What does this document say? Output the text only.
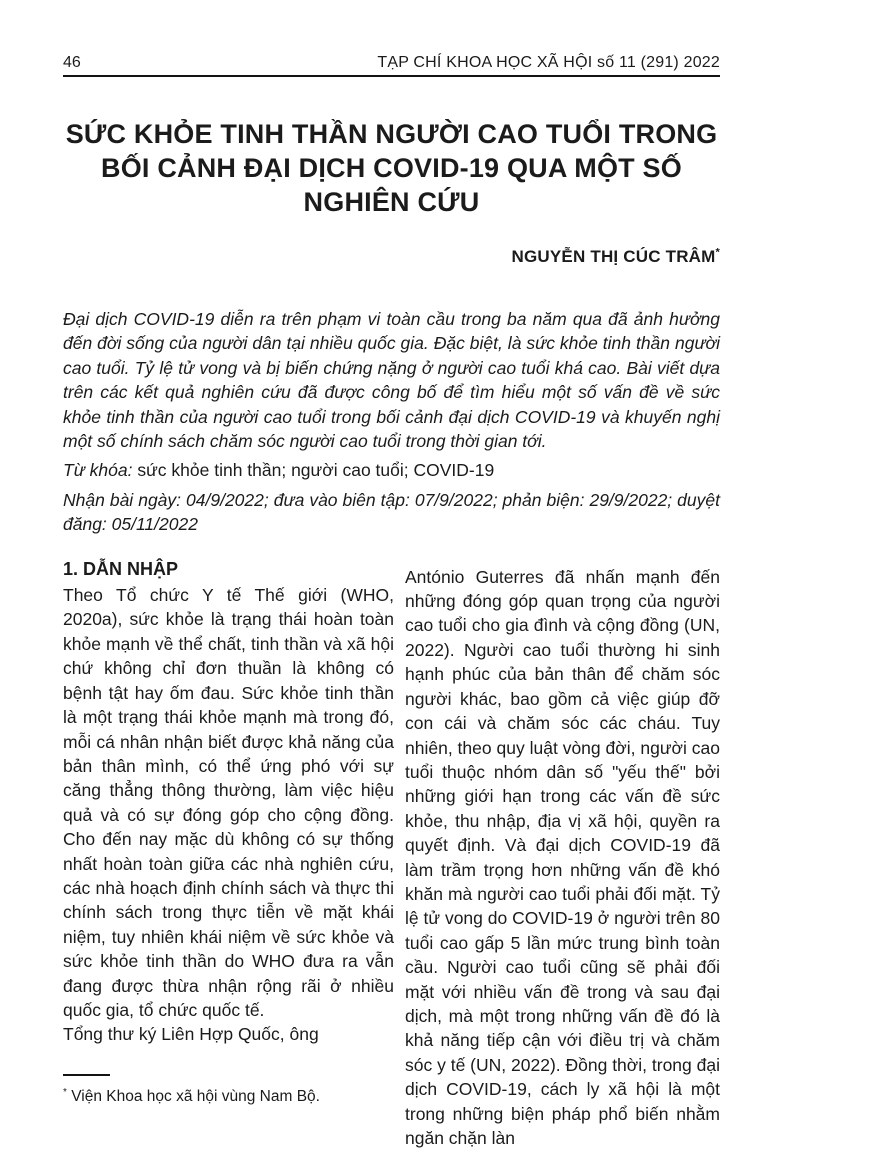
46	TẠP CHÍ KHOA HỌC XÃ HỘI số 11 (291) 2022
SỨC KHỎE TINH THẦN NGƯỜI CAO TUỔI TRONG BỐI CẢNH ĐẠI DỊCH COVID-19 QUA MỘT SỐ NGHIÊN CỨU
NGUYỄN THỊ CÚC TRÂM*

Đại dịch COVID-19 diễn ra trên phạm vi toàn cầu trong ba năm qua đã ảnh hưởng đến đời sống của người dân tại nhiều quốc gia. Đặc biệt, là sức khỏe tinh thần người cao tuổi. Tỷ lệ tử vong và bị biến chứng nặng ở người cao tuổi khá cao. Bài viết dựa trên các kết quả nghiên cứu đã được công bố để tìm hiểu một số vấn đề về sức khỏe tinh thần của người cao tuổi trong bối cảnh đại dịch COVID-19 và khuyến nghị một số chính sách chăm sóc người cao tuổi trong thời gian tới.

Từ khóa: sức khỏe tinh thần; người cao tuổi; COVID-19

Nhận bài ngày: 04/9/2022; đưa vào biên tập: 07/9/2022; phản biện: 29/9/2022; duyệt đăng: 05/11/2022

1. DẪN NHẬP

Theo Tổ chức Y tế Thế giới (WHO, 2020a), sức khỏe là trạng thái hoàn toàn khỏe mạnh về thể chất, tinh thần và xã hội chứ không chỉ đơn thuần là không có bệnh tật hay ốm đau. Sức khỏe tinh thần là một trạng thái khỏe mạnh mà trong đó, mỗi cá nhân nhận biết được khả năng của bản thân mình, có thể ứng phó với sự căng thẳng thông thường, làm việc hiệu quả và có sự đóng góp cho cộng đồng. Cho đến nay mặc dù không có sự thống nhất hoàn toàn giữa các nhà nghiên cứu, các nhà hoạch định chính sách và thực thi chính sách trong thực tiễn về mặt khái niệm, tuy nhiên khái niệm về sức khỏe và sức khỏe tinh thần do WHO đưa ra vẫn đang được thừa nhận rộng rãi ở nhiều quốc gia, tổ chức quốc tế.

Tổng thư ký Liên Hợp Quốc, ông

* Viện Khoa học xã hội vùng Nam Bộ.

António Guterres đã nhấn mạnh đến những đóng góp quan trọng của người cao tuổi cho gia đình và cộng đồng (UN, 2022). Người cao tuổi thường hi sinh hạnh phúc của bản thân để chăm sóc người khác, bao gồm cả việc giúp đỡ con cái và chăm sóc các cháu. Tuy nhiên, theo quy luật vòng đời, người cao tuổi thuộc nhóm dân số "yếu thế" bởi những giới hạn trong các vấn đề sức khỏe, thu nhập, địa vị xã hội, quyền ra quyết định. Và đại dịch COVID-19 đã làm trầm trọng hơn những vấn đề khó khăn mà người cao tuổi phải đối mặt. Tỷ lệ tử vong do COVID-19 ở người trên 80 tuổi cao gấp 5 lần mức trung bình toàn cầu. Người cao tuổi cũng sẽ phải đối mặt với nhiều vấn đề trong và sau đại dịch, mà một trong những vấn đề đó là khả năng tiếp cận với điều trị và chăm sóc y tế (UN, 2022). Đồng thời, trong đại dịch COVID-19, cách ly xã hội là một trong những biện pháp phổ biến nhằm ngăn chặn làn
